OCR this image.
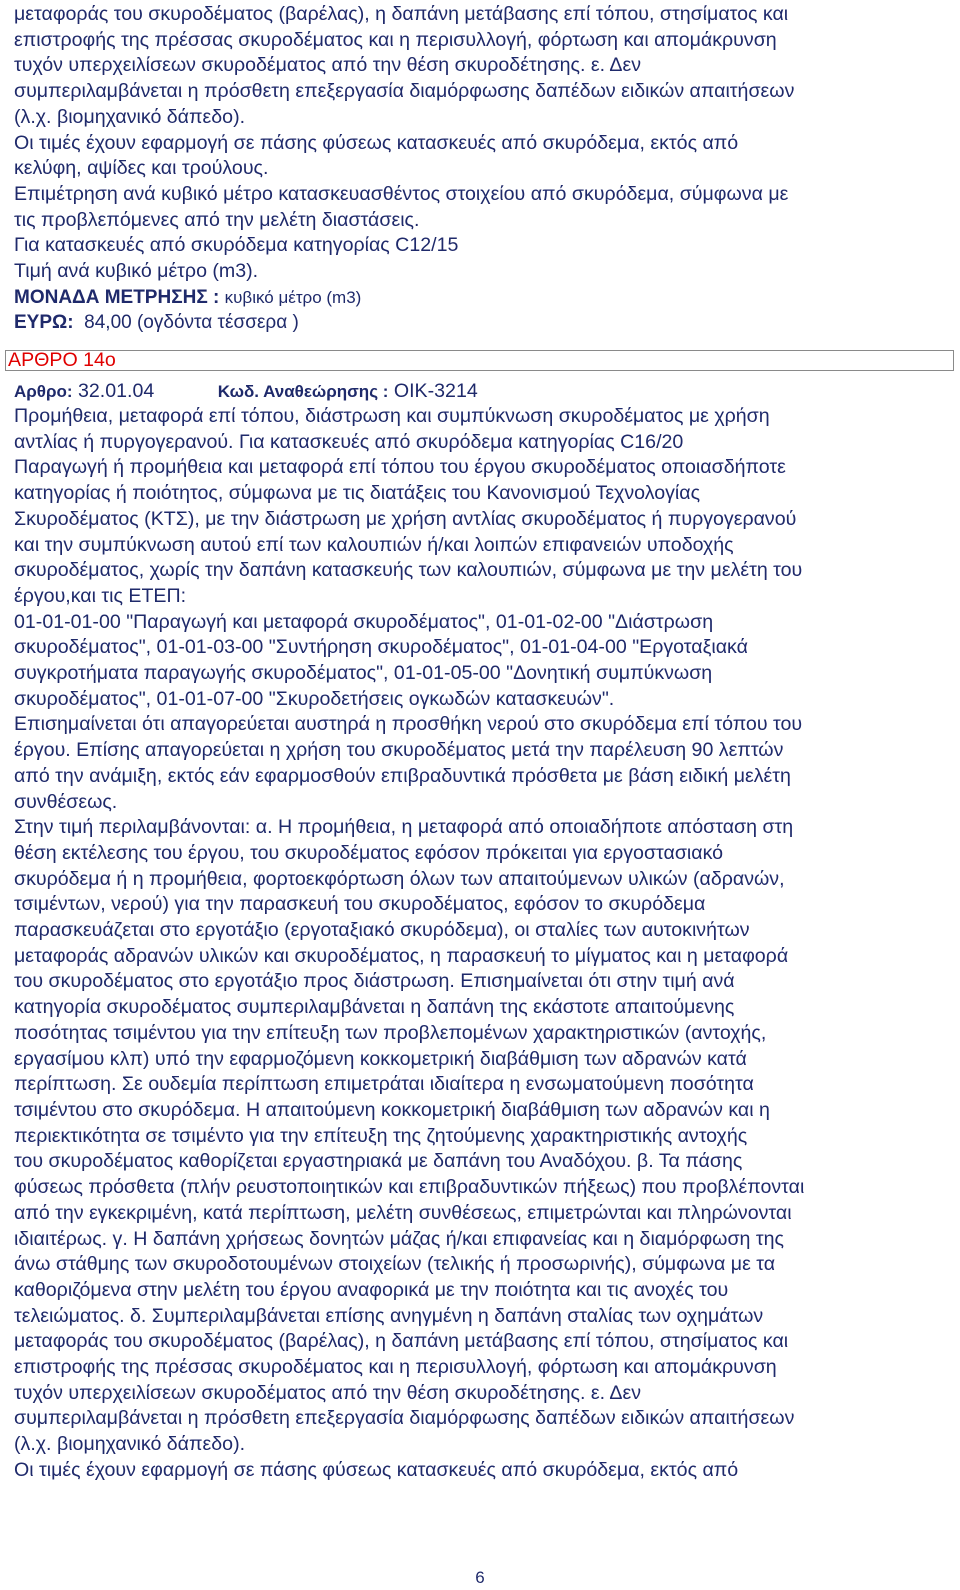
μεταφοράς του σκυροδέματος (βαρέλας), η δαπάνη μετάβασης επί τόπου, στησίματος και

επιστροφής της πρέσσας σκυροδέματος και η περισυλλογή, φόρτωση και απομάκρυνση

τυχόν υπερχειλίσεων σκυροδέματος από την θέση σκυροδέτησης. ε. Δεν

συμπεριλαμβάνεται η πρόσθετη επεξεργασία διαμόρφωσης δαπέδων ειδικών απαιτήσεων

(λ.χ. βιομηχανικό δάπεδο).

Οι τιμές έχουν εφαρμογή σε πάσης φύσεως κατασκευές από σκυρόδεμα, εκτός από

κελύφη, αψίδες και τρούλους.

Επιμέτρηση ανά κυβικό μέτρο κατασκευασθέντος στοιχείου από σκυρόδεμα, σύμφωνα με

τις προβλεπόμενες από την μελέτη διαστάσεις.

Για κατασκευές από σκυρόδεμα κατηγορίας C12/15

Τιμή ανά κυβικό μέτρο (m3).

ΜΟΝΑΔΑ ΜΕΤΡΗΣΗΣ : κυβικό μέτρο (m3)
ΕΥΡΩ: 84,00 (ογδόντα τέσσερα )
ΑΡΘΡΟ 14ο
Αρθρο: 32.01.04	Κωδ. Αναθεώρησης : ΟΙΚ-3214

Προμήθεια, μεταφορά επί τόπου, διάστρωση και συμπύκνωση σκυροδέματος με χρήση

αντλίας ή πυργογερανού. Για κατασκευές από σκυρόδεμα κατηγορίας C16/20

Παραγωγή ή προμήθεια και μεταφορά επί τόπου του έργου σκυροδέματος οποιασδήποτε

κατηγορίας ή ποιότητος, σύμφωνα με τις διατάξεις του Κανονισμού Τεχνολογίας

Σκυροδέματος (ΚΤΣ), με την διάστρωση με χρήση αντλίας σκυροδέματος ή πυργογερανού

και την συμπύκνωση αυτού επί των καλουπιών ή/και λοιπών επιφανειών υποδοχής

σκυροδέματος, χωρίς την δαπάνη κατασκευής των καλουπιών, σύμφωνα με την μελέτη του

έργου,και τις ΕΤΕΠ:

01-01-01-00 "Παραγωγή και μεταφορά σκυροδέματος", 01-01-02-00 "Διάστρωση

σκυροδέματος", 01-01-03-00 "Συντήρηση σκυροδέματος", 01-01-04-00 "Εργοταξιακά

συγκροτήματα παραγωγής σκυροδέματος", 01-01-05-00 "Δονητική συμπύκνωση

σκυροδέματος", 01-01-07-00 "Σκυροδετήσεις ογκωδών κατασκευών".

Επισημαίνεται ότι απαγορεύεται αυστηρά η προσθήκη νερού στο σκυρόδεμα επί τόπου του

έργου. Επίσης απαγορεύεται η χρήση του σκυροδέματος μετά την παρέλευση 90 λεπτών

από την ανάμιξη, εκτός εάν εφαρμοσθούν επιβραδυντικά πρόσθετα με βάση ειδική μελέτη

συνθέσεως.

Στην τιμή περιλαμβάνονται: α. Η προμήθεια, η μεταφορά από οποιαδήποτε απόσταση στη

θέση εκτέλεσης του έργου, του σκυροδέματος εφόσον πρόκειται για εργοστασιακό

σκυρόδεμα ή η προμήθεια, φορτοεκφόρτωση όλων των απαιτούμενων υλικών (αδρανών,

τσιμέντων, νερού) για την παρασκευή του σκυροδέματος, εφόσον το σκυρόδεμα

παρασκευάζεται στο εργοτάξιο (εργοταξιακό σκυρόδεμα), οι σταλίες των αυτοκινήτων

μεταφοράς αδρανών υλικών και σκυροδέματος, η παρασκευή το μίγματος και η μεταφορά

του σκυροδέματος στο εργοτάξιο προς διάστρωση. Επισημαίνεται ότι στην τιμή ανά

κατηγορία σκυροδέματος συμπεριλαμβάνεται η δαπάνη της εκάστοτε απαιτούμενης

ποσότητας τσιμέντου για την επίτευξη των προβλεπομένων χαρακτηριστικών (αντοχής,

εργασίμου κλπ) υπό την εφαρμοζόμενη κοκκομετρική διαβάθμιση των αδρανών κατά

περίπτωση. Σε ουδεμία περίπτωση επιμετράται ιδιαίτερα η ενσωματούμενη ποσότητα

τσιμέντου στο σκυρόδεμα. Η απαιτούμενη κοκκομετρική διαβάθμιση των αδρανών και η

περιεκτικότητα σε τσιμέντο για την επίτευξη της ζητούμενης χαρακτηριστικής αντοχής

του σκυροδέματος καθορίζεται εργαστηριακά με δαπάνη του Αναδόχου. β. Τα πάσης

φύσεως πρόσθετα (πλήν ρευστοποιητικών και επιβραδυντικών πήξεως) που προβλέπονται

από την εγκεκριμένη, κατά περίπτωση, μελέτη συνθέσεως, επιμετρώνται και πληρώνονται

ιδιαιτέρως. γ. Η δαπάνη χρήσεως δονητών μάζας ή/και επιφανείας και η διαμόρφωση της

άνω στάθμης των σκυροδοτουμένων στοιχείων (τελικής ή προσωρινής), σύμφωνα με τα

καθοριζόμενα στην μελέτη του έργου αναφορικά με την ποιότητα και τις ανοχές του

τελειώματος. δ. Συμπεριλαμβάνεται επίσης ανηγμένη η δαπάνη σταλίας των οχημάτων

μεταφοράς του σκυροδέματος (βαρέλας), η δαπάνη μετάβασης επί τόπου, στησίματος και

επιστροφής της πρέσσας σκυροδέματος και η περισυλλογή, φόρτωση και απομάκρυνση

τυχόν υπερχειλίσεων σκυροδέματος από την θέση σκυροδέτησης. ε. Δεν

συμπεριλαμβάνεται η πρόσθετη επεξεργασία διαμόρφωσης δαπέδων ειδικών απαιτήσεων

(λ.χ. βιομηχανικό δάπεδο).

Οι τιμές έχουν εφαρμογή σε πάσης φύσεως κατασκευές από σκυρόδεμα, εκτός από

6
